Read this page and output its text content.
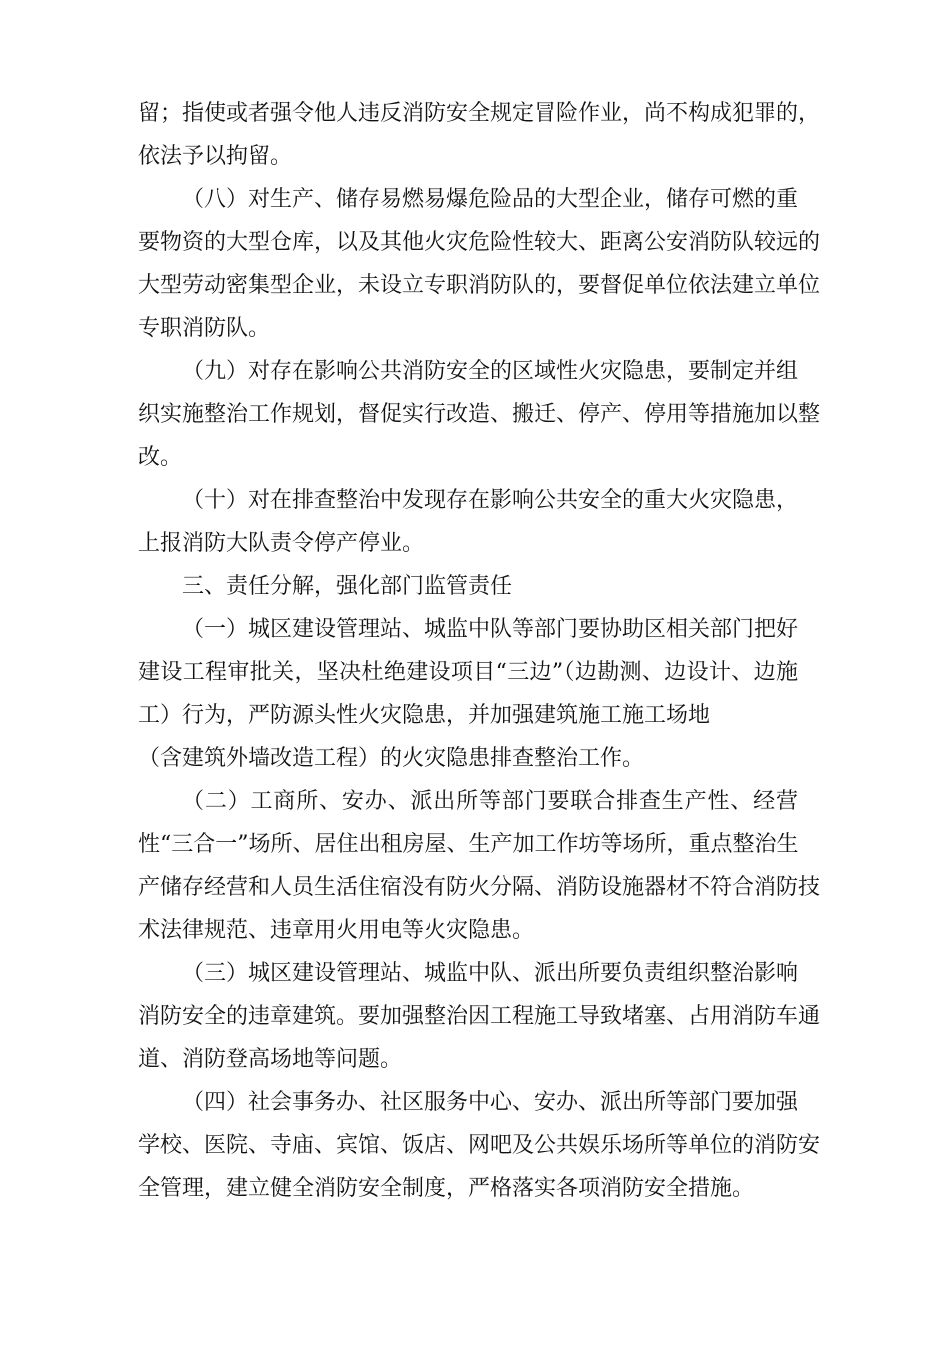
留；指使或者强令他人违反消防安全规定冒险作业，尚不构成犯罪的，
依法予以拘留。
（八）对生产、储存易燃易爆危险品的大型企业，储存可燃的重
要物资的大型仓库，以及其他火灾危险性较大、距离公安消防队较远的
大型劳动密集型企业，未设立专职消防队的，要督促单位依法建立单位
专职消防队。
（九）对存在影响公共消防安全的区域性火灾隐患，要制定并组
织实施整治工作规划，督促实行改造、搬迁、停产、停用等措施加以整
改。
（十）对在排查整治中发现存在影响公共安全的重大火灾隐患，
上报消防大队责令停产停业。
三、责任分解，强化部门监管责任
（一）城区建设管理站、城监中队等部门要协助区相关部门把好
建设工程审批关，坚决杜绝建设项目“三边”（边勘测、边设计、边施
工）行为，严防源头性火灾隐患，并加强建筑施工施工场地
（含建筑外墙改造工程）的火灾隐患排查整治工作。
（二）工商所、安办、派出所等部门要联合排查生产性、经营
性“三合一”场所、居住出租房屋、生产加工作坊等场所，重点整治生
产储存经营和人员生活住宿没有防火分隔、消防设施器材不符合消防技
术法律规范、违章用火用电等火灾隐患。
（三）城区建设管理站、城监中队、派出所要负责组织整治影响
消防安全的违章建筑。要加强整治因工程施工导致堵塞、占用消防车通
道、消防登高场地等问题。
（四）社会事务办、社区服务中心、安办、派出所等部门要加强
学校、医院、寺庙、宾馆、饭店、网吧及公共娱乐场所等单位的消防安
全管理，建立健全消防安全制度，严格落实各项消防安全措施。
